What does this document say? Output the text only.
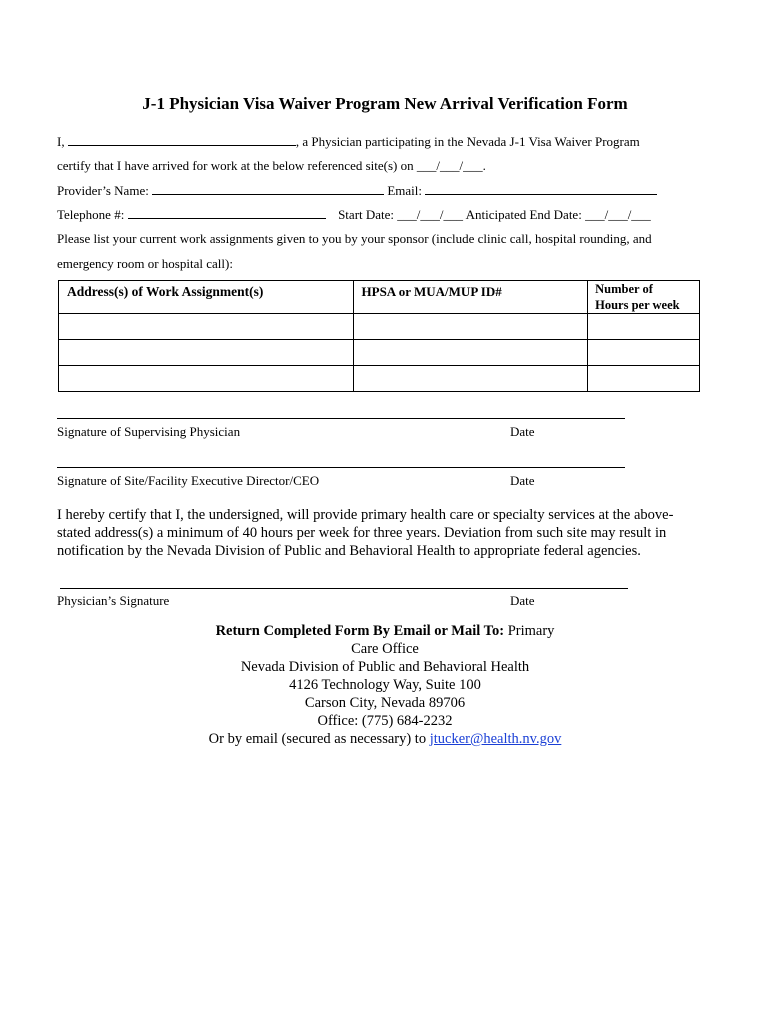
J-1 Physician Visa Waiver Program New Arrival Verification Form
I,	, a Physician participating in the Nevada J-1 Visa Waiver Program
certify that I have arrived for work at the below referenced site(s) on ___/___/___.
Provider’s Name:	Email:
Telephone #:	Start Date: ___/___/___ Anticipated End Date: ___/___/___
Please list your current work assignments given to you by your sponsor (include clinic call, hospital rounding, and
emergency room or hospital call):
Address(s) of Work Assignment(s)	HPSA or MUA/MUP ID#	Number of
Hours per week

Signature of Supervising Physician	Date
Signature of Site/Facility Executive Director/CEO	Date
I hereby certify that I, the undersigned, will provide primary health care or specialty services at the above-stated address(s) a minimum of 40 hours per week for three years. Deviation from such site may result in notification by the Nevada Division of Public and Behavioral Health to appropriate federal agencies.
Physician’s Signature	Date
Return Completed Form By Email or Mail To: Primary
Care Office
Nevada Division of Public and Behavioral Health
4126 Technology Way, Suite 100
Carson City, Nevada 89706
Office: (775) 684-2232
Or by email (secured as necessary) to jtucker@health.nv.gov
